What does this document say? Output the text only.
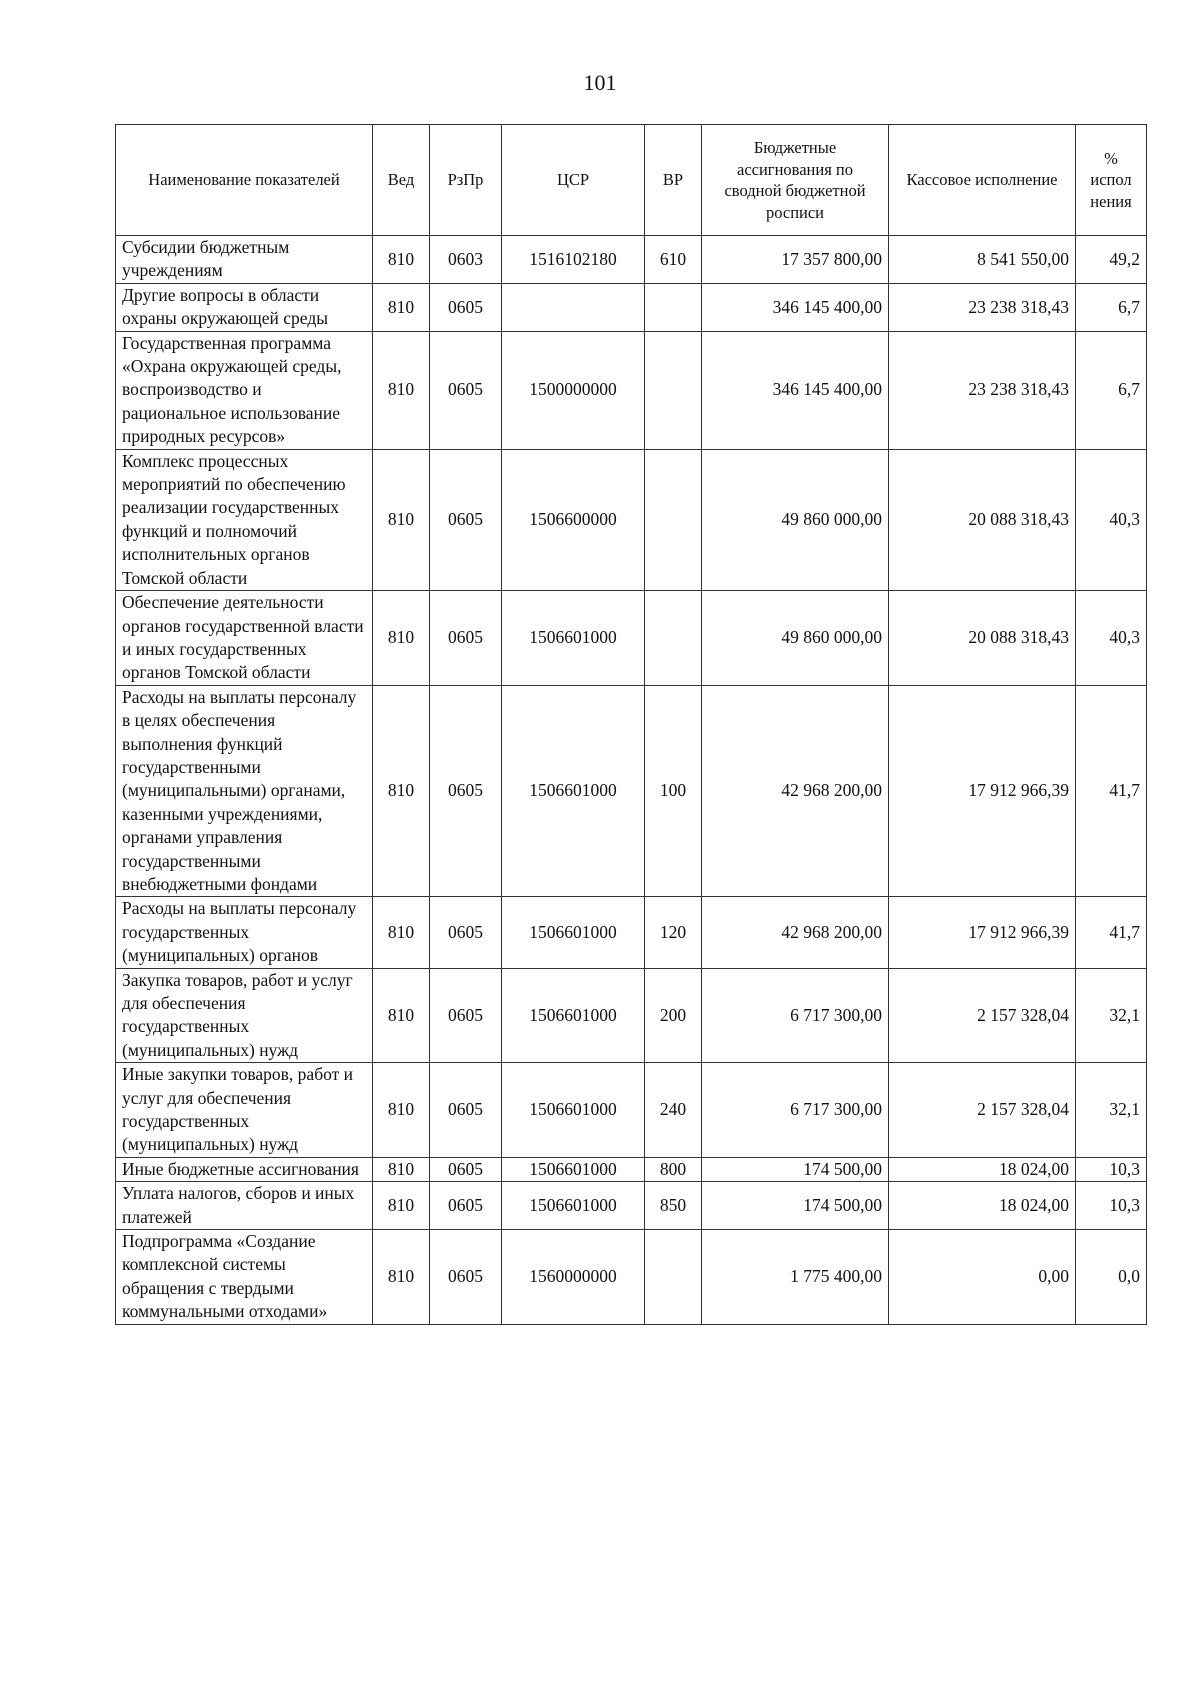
101
Наименование показателей	Вед	РзПр	ЦСР	ВР	Бюджетные ассигнования по сводной бюджетной росписи	Кассовое исполнение	% испол нения
Субсидии бюджетным учреждениям	810	0603	1516102180	610	17 357 800,00	8 541 550,00	49,2
Другие вопросы в области охраны окружающей среды	810	0605			346 145 400,00	23 238 318,43	6,7
Государственная программа «Охрана окружающей среды, воспроизводство и рациональное использование природных ресурсов»	810	0605	1500000000		346 145 400,00	23 238 318,43	6,7
Комплекс процессных мероприятий по обеспечению реализации государственных функций и полномочий исполнительных органов Томской области	810	0605	1506600000		49 860 000,00	20 088 318,43	40,3
Обеспечение деятельности органов государственной власти и иных государственных органов Томской области	810	0605	1506601000		49 860 000,00	20 088 318,43	40,3
Расходы на выплаты персоналу в целях обеспечения выполнения функций государственными (муниципальными) органами, казенными учреждениями, органами управления государственными внебюджетными фондами	810	0605	1506601000	100	42 968 200,00	17 912 966,39	41,7
Расходы на выплаты персоналу государственных (муниципальных) органов	810	0605	1506601000	120	42 968 200,00	17 912 966,39	41,7
Закупка товаров, работ и услуг для обеспечения государственных (муниципальных) нужд	810	0605	1506601000	200	6 717 300,00	2 157 328,04	32,1
Иные закупки товаров, работ и услуг для обеспечения государственных (муниципальных) нужд	810	0605	1506601000	240	6 717 300,00	2 157 328,04	32,1
Иные бюджетные ассигнования	810	0605	1506601000	800	174 500,00	18 024,00	10,3
Уплата налогов, сборов и иных платежей	810	0605	1506601000	850	174 500,00	18 024,00	10,3
Подпрограмма «Создание комплексной системы обращения с твердыми коммунальными отходами»	810	0605	1560000000		1 775 400,00	0,00	0,0
